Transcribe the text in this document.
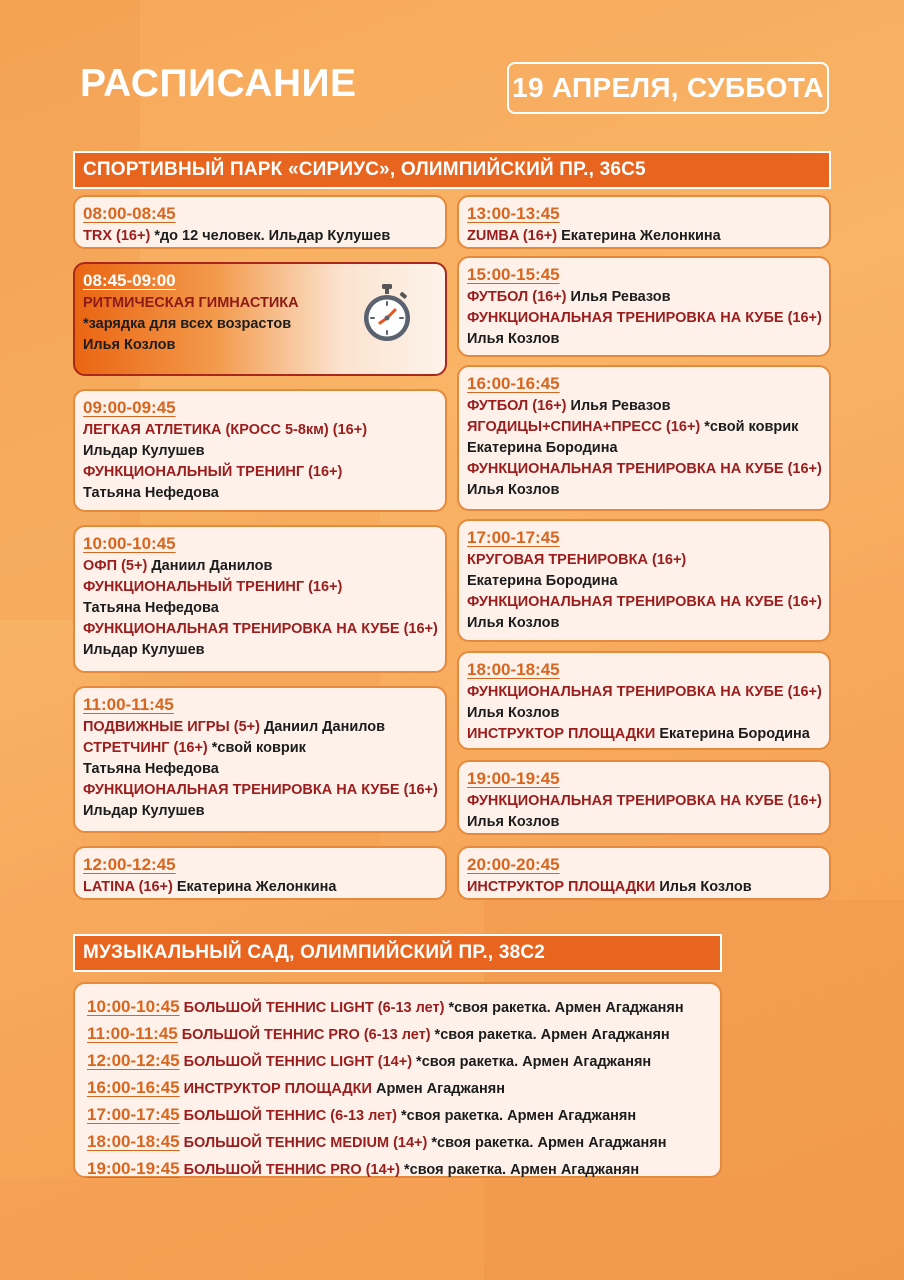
РАСПИСАНИЕ	19 АПРЕЛЯ, СУББОТА
СПОРТИВНЫЙ ПАРК «СИРИУС», ОЛИМПИЙСКИЙ ПР., 36С5
МУЗЫКАЛЬНЫЙ САД, ОЛИМПИЙСКИЙ ПР., 38С2
08:00-08:45
TRX (16+) *до 12 человек. Ильдар Кулушев
08:45-09:00
РИТМИЧЕСКАЯ ГИМНАСТИКА
*зарядка для всех возрастов
Илья Козлов
09:00-09:45
ЛЕГКАЯ АТЛЕТИКА (КРОСС 5-8км) (16+)
Ильдар Кулушев
ФУНКЦИОНАЛЬНЫЙ ТРЕНИНГ (16+)
Татьяна Нефедова
10:00-10:45
ОФП (5+) Даниил Данилов
ФУНКЦИОНАЛЬНЫЙ ТРЕНИНГ (16+)
Татьяна Нефедова
ФУНКЦИОНАЛЬНАЯ ТРЕНИРОВКА НА КУБЕ (16+)
Ильдар Кулушев
11:00-11:45
ПОДВИЖНЫЕ ИГРЫ (5+) Даниил Данилов
СТРЕТЧИНГ (16+) *свой коврик
Татьяна Нефедова
ФУНКЦИОНАЛЬНАЯ ТРЕНИРОВКА НА КУБЕ (16+)
Ильдар Кулушев
12:00-12:45
LATINA (16+) Екатерина Желонкина
13:00-13:45
ZUMBA (16+) Екатерина Желонкина
15:00-15:45
ФУТБОЛ (16+) Илья Ревазов
ФУНКЦИОНАЛЬНАЯ ТРЕНИРОВКА НА КУБЕ (16+)
Илья Козлов
16:00-16:45
ФУТБОЛ (16+) Илья Ревазов
ЯГОДИЦЫ+СПИНА+ПРЕСС (16+) *свой коврик
Екатерина Бородина
ФУНКЦИОНАЛЬНАЯ ТРЕНИРОВКА НА КУБЕ (16+)
Илья Козлов
17:00-17:45
КРУГОВАЯ ТРЕНИРОВКА (16+)
Екатерина Бородина
ФУНКЦИОНАЛЬНАЯ ТРЕНИРОВКА НА КУБЕ (16+)
Илья Козлов
18:00-18:45
ФУНКЦИОНАЛЬНАЯ ТРЕНИРОВКА НА КУБЕ (16+)
Илья Козлов
ИНСТРУКТОР ПЛОЩАДКИ Екатерина Бородина
19:00-19:45
ФУНКЦИОНАЛЬНАЯ ТРЕНИРОВКА НА КУБЕ (16+)
Илья Козлов
20:00-20:45
ИНСТРУКТОР ПЛОЩАДКИ Илья Козлов
10:00-10:45 БОЛЬШОЙ ТЕННИС LIGHT (6-13 лет) *своя ракетка. Армен Агаджанян
11:00-11:45 БОЛЬШОЙ ТЕННИС PRO (6-13 лет) *своя ракетка. Армен Агаджанян
12:00-12:45 БОЛЬШОЙ ТЕННИС LIGHT (14+) *своя ракетка. Армен Агаджанян
16:00-16:45 ИНСТРУКТОР ПЛОЩАДКИ Армен Агаджанян
17:00-17:45 БОЛЬШОЙ ТЕННИС (6-13 лет) *своя ракетка. Армен Агаджанян
18:00-18:45 БОЛЬШОЙ ТЕННИС MEDIUM (14+) *своя ракетка. Армен Агаджанян
19:00-19:45 БОЛЬШОЙ ТЕННИС PRO (14+) *своя ракетка. Армен Агаджанян
